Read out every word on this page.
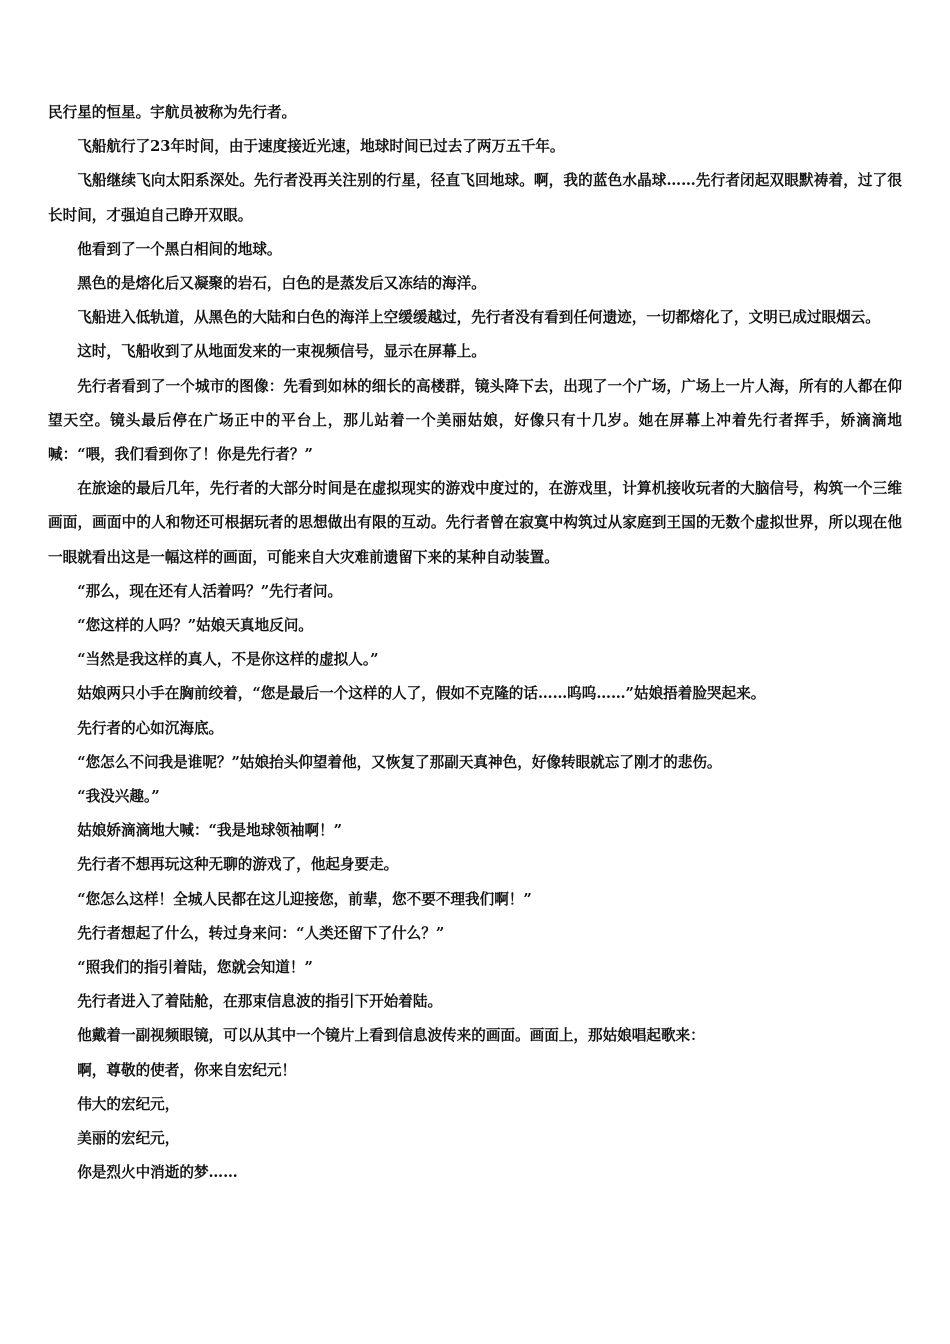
民行星的恒星。宇航员被称为先行者。

飞船航行了23年时间，由于速度接近光速，地球时间已过去了两万五千年。

飞船继续飞向太阳系深处。先行者没再关注别的行星，径直飞回地球。啊，我的蓝色水晶球……先行者闭起双眼默祷着，过了很长时间，才强迫自己睁开双眼。

他看到了一个黑白相间的地球。

黑色的是熔化后又凝聚的岩石，白色的是蒸发后又冻结的海洋。

飞船进入低轨道，从黑色的大陆和白色的海洋上空缓缓越过，先行者没有看到任何遗迹，一切都熔化了，文明已成过眼烟云。

这时，飞船收到了从地面发来的一束视频信号，显示在屏幕上。

先行者看到了一个城市的图像：先看到如林的细长的高楼群，镜头降下去，出现了一个广场，广场上一片人海，所有的人都在仰望天空。镜头最后停在广场正中的平台上，那儿站着一个美丽姑娘，好像只有十几岁。她在屏幕上冲着先行者挥手，娇滴滴地喊：“喂，我们看到你了！你是先行者？”

在旅途的最后几年，先行者的大部分时间是在虚拟现实的游戏中度过的，在游戏里，计算机接收玩者的大脑信号，构筑一个三维画面，画面中的人和物还可根据玩者的思想做出有限的互动。先行者曾在寂寞中构筑过从家庭到王国的无数个虚拟世界，所以现在他一眼就看出这是一幅这样的画面，可能来自大灾难前遗留下来的某种自动装置。

“那么，现在还有人活着吗？”先行者问。

“您这样的人吗？”姑娘天真地反问。

“当然是我这样的真人，不是你这样的虚拟人。”

姑娘两只小手在胸前绞着，“您是最后一个这样的人了，假如不克隆的话……呜呜……”姑娘捂着脸哭起来。

先行者的心如沉海底。

“您怎么不问我是谁呢？”姑娘抬头仰望着他，又恢复了那副天真神色，好像转眼就忘了刚才的悲伤。

“我没兴趣。”

姑娘娇滴滴地大喊：“我是地球领袖啊！”

先行者不想再玩这种无聊的游戏了，他起身要走。

“您怎么这样！全城人民都在这儿迎接您，前辈，您不要不理我们啊！”

先行者想起了什么，转过身来问：“人类还留下了什么？”

“照我们的指引着陆，您就会知道！”

先行者进入了着陆舱，在那束信息波的指引下开始着陆。

他戴着一副视频眼镜，可以从其中一个镜片上看到信息波传来的画面。画面上，那姑娘唱起歌来：

啊，尊敬的使者，你来自宏纪元！

伟大的宏纪元，

美丽的宏纪元，

你是烈火中消逝的梦……
